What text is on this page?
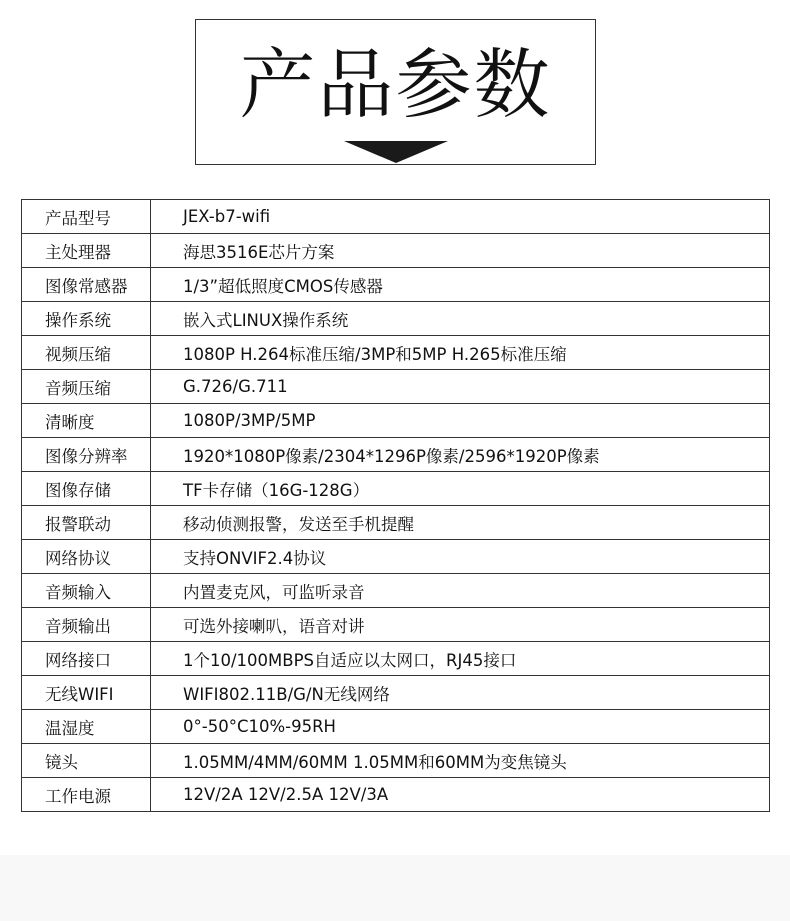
产品参数
产品型号	JEX-b7-wifi
主处理器	海思3516E芯片方案
图像常感器	1/3”超低照度CMOS传感器
操作系统	嵌入式LINUX操作系统
视频压缩	1080P H.264标准压缩/3MP和5MP H.265标准压缩
音频压缩	G.726/G.711
清晰度	1080P/3MP/5MP
图像分辨率	1920*1080P像素/2304*1296P像素/2596*1920P像素
图像存储	TF卡存储（16G-128G）
报警联动	移动侦测报警，发送至手机提醒
网络协议	支持ONVIF2.4协议
音频输入	内置麦克风，可监听录音
音频输出	可选外接喇叭，语音对讲
网络接口	1个10/100MBPS自适应以太网口，RJ45接口
无线WIFI	WIFI802.11B/G/N无线网络
温湿度	0°-50°C10%-95RH
镜头	1.05MM/4MM/60MM 1.05MM和60MM为变焦镜头
工作电源	12V/2A 12V/2.5A 12V/3A
